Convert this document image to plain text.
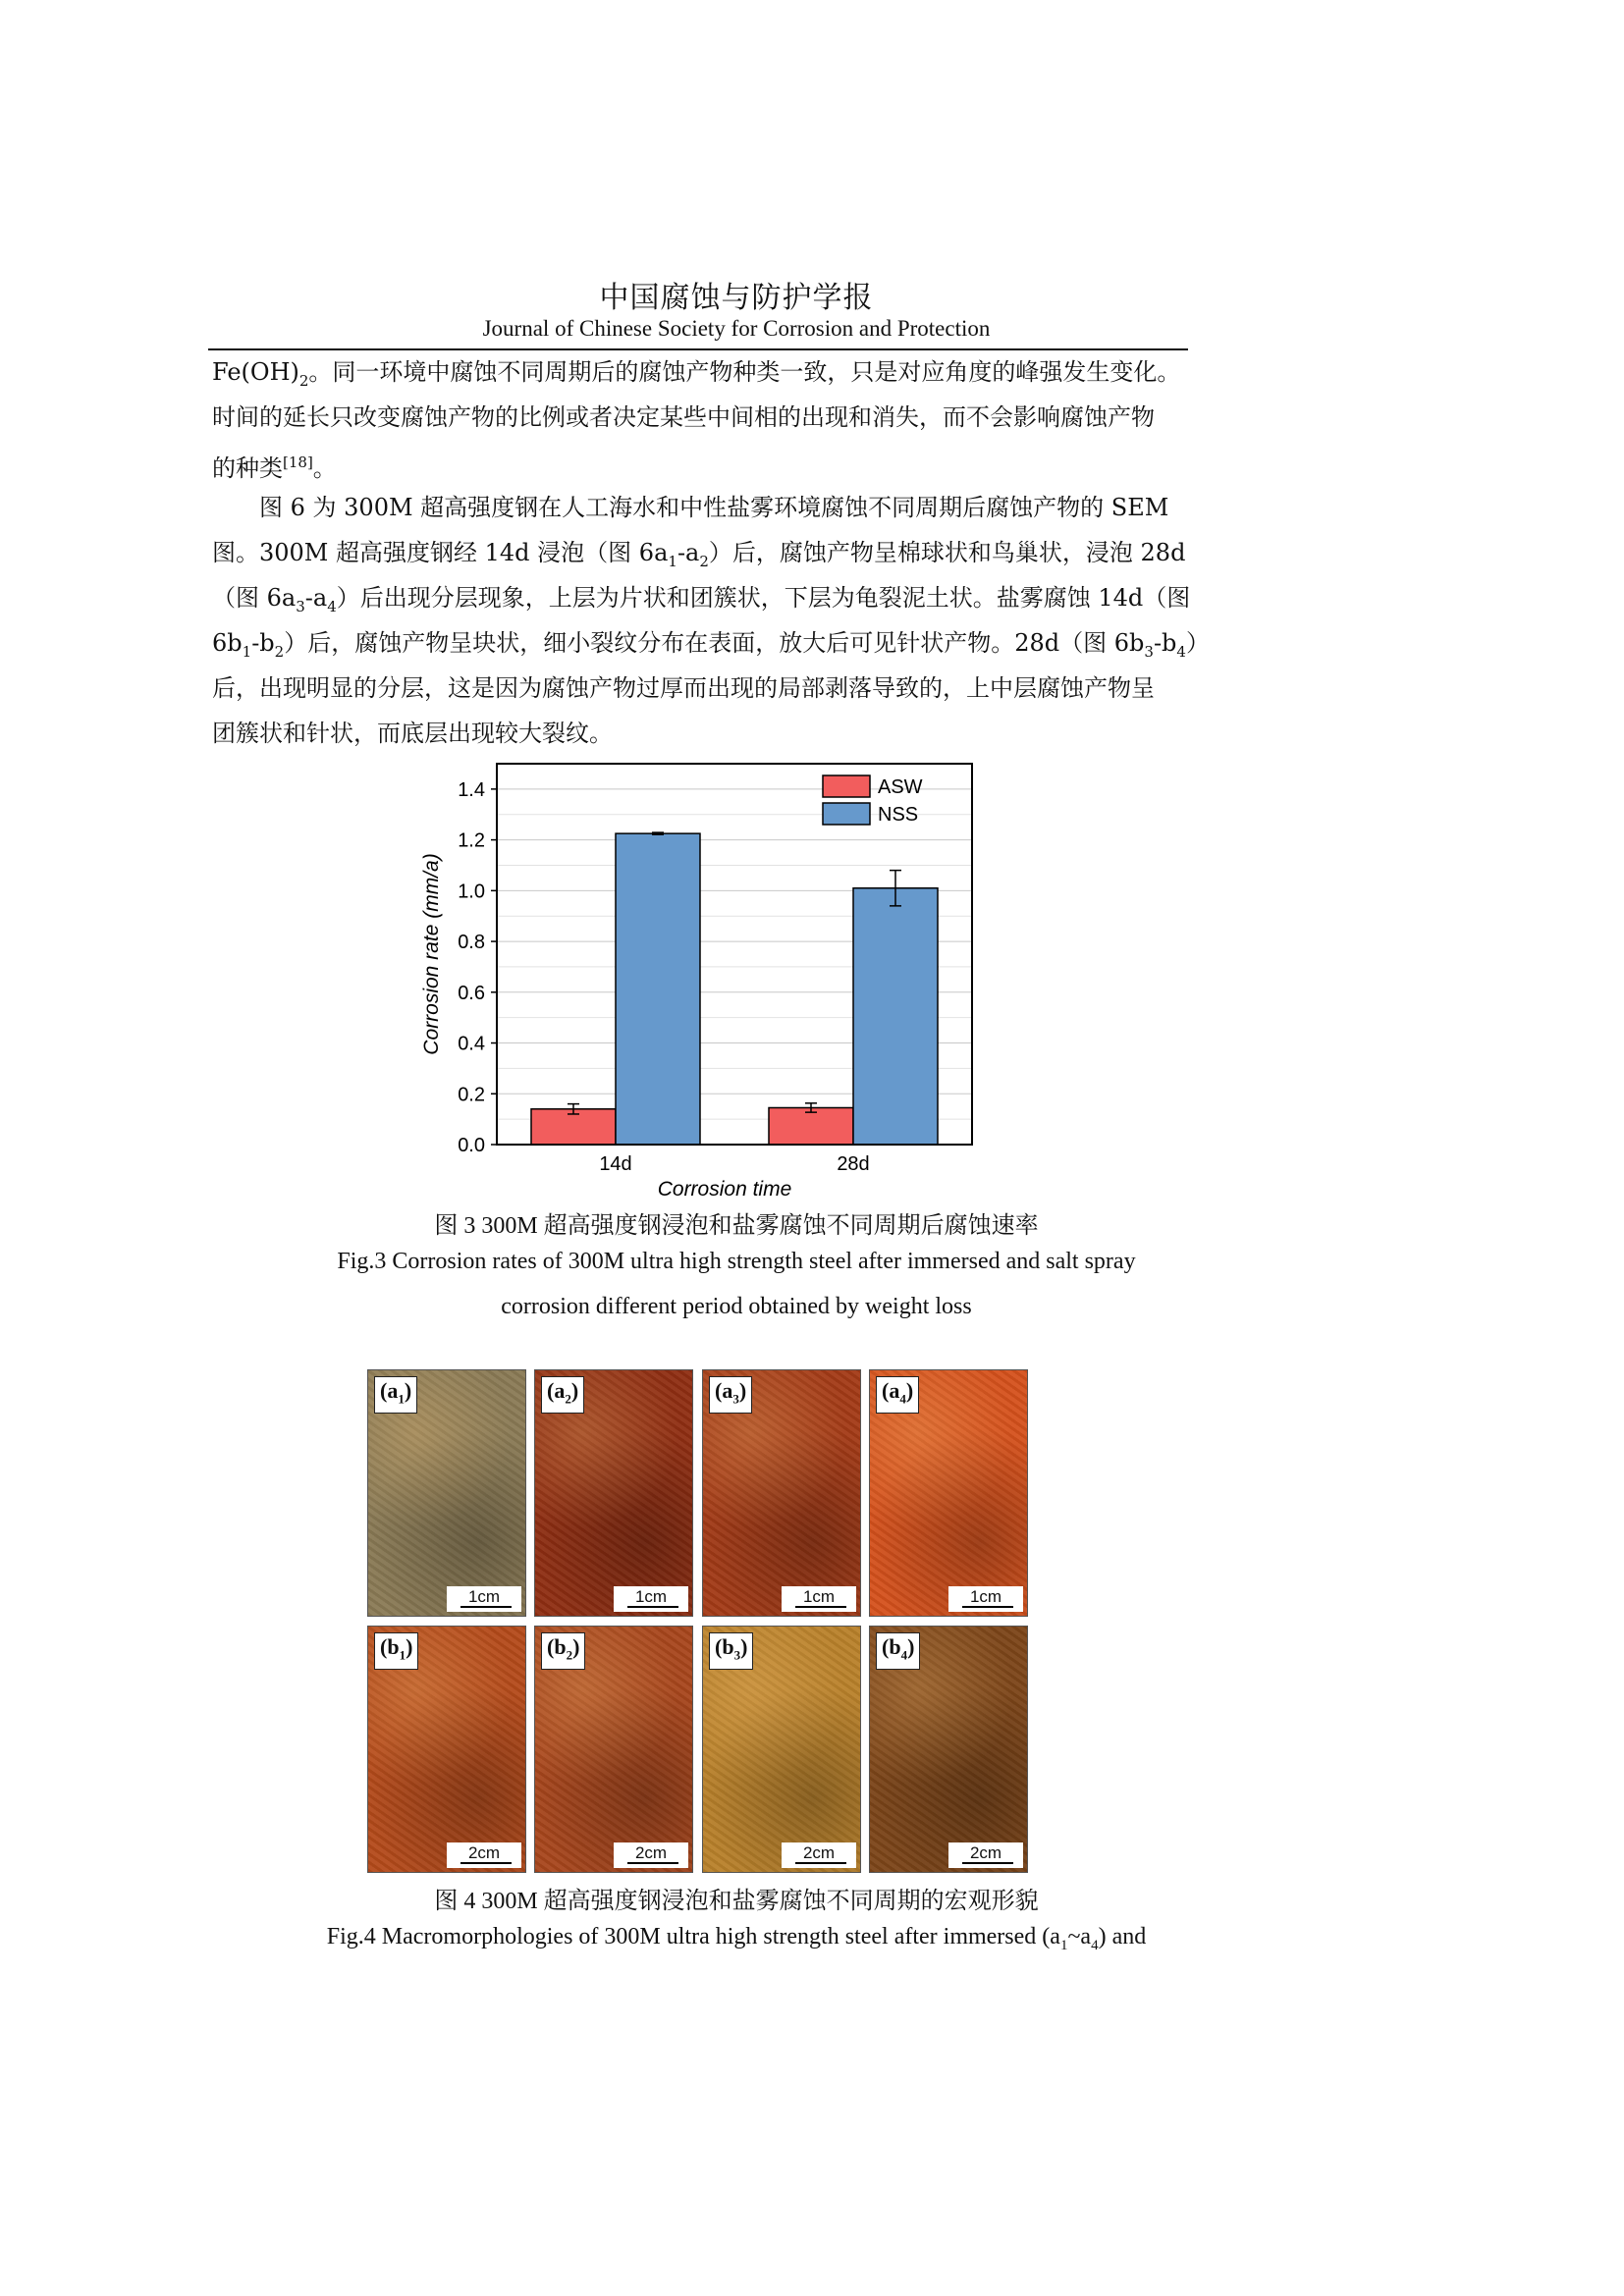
中国腐蚀与防护学报
Journal of Chinese Society for Corrosion and Protection
$Fe(OH)_2$。同一环境中腐蚀不同周期后的腐蚀产物种类一致，只是对应角度的峰强发生变化。
时间的延长只改变腐蚀产物的比例或者决定某些中间相的出现和消失，而不会影响腐蚀产物
的种类[18]。
图 6 为 300M 超高强度钢在人工海水和中性盐雾环境腐蚀不同周期后腐蚀产物的 SEM
图。300M 超高强度钢经 14d 浸泡（图 $6a_1-a_2$）后，腐蚀产物呈棉球状和鸟巢状，浸泡 28d
（图 $6a_3-a_4$）后出现分层现象，上层为片状和团簇状，下层为龟裂泥土状。盐雾腐蚀 14d（图
$6b_1-b_2$）后，腐蚀产物呈块状，细小裂纹分布在表面，放大后可见针状产物。28d（图 $6b_3-b_4$）
后，出现明显的分层，这是因为腐蚀产物过厚而出现的局部剥落导致的，上中层腐蚀产物呈
团簇状和针状，而底层出现较大裂纹。
0.0
0.2
0.4
0.6
0.8
1.0
1.2
1.4
14d	28d
Corrosion time
Corrosion rate (mm/a)
ASW
NSS
图 3 300M 超高强度钢浸泡和盐雾腐蚀不同周期后腐蚀速率
Fig.3 Corrosion rates of 300M ultra high strength steel after immersed and salt spray
corrosion different period obtained by weight loss
$(a_1)$
1cm
$(a_2)$
1cm
$(a_3)$
1cm
$(a_4)$
1cm
$(b_1)$
2cm
$(b_2)$
2cm
$(b_3)$
2cm
$(b_4)$
2cm
图 4 300M 超高强度钢浸泡和盐雾腐蚀不同周期的宏观形貌
Fig.4 Macromorphologies of 300M ultra high strength steel after immersed $(a_1\sim a_4)$ and
